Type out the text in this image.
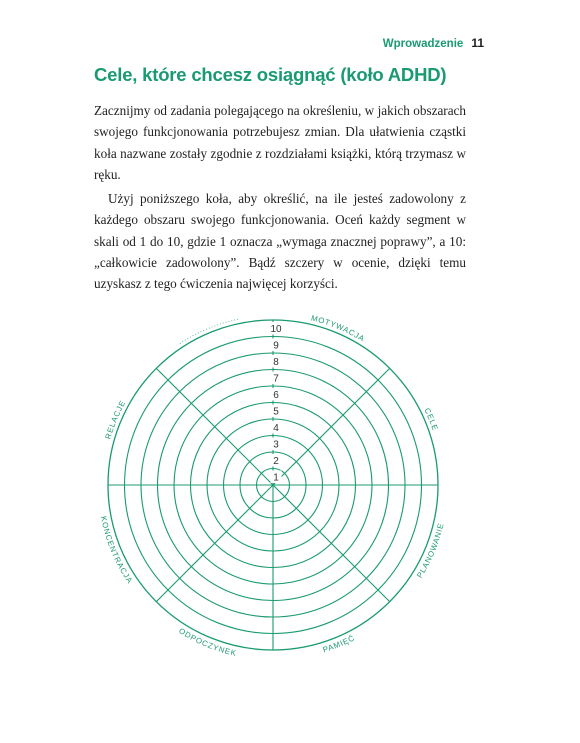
Wprowadzenie 11
Cele, które chcesz osiągnąć (koło ADHD)

Zacznijmy od zadania polegającego na określeniu, w jakich obszarach swojego funkcjonowania potrzebujesz zmian. Dla ułatwienia cząstki koła nazwane zostały zgodnie z rozdziałami książki, którą trzymasz w ręku.

Użyj poniższego koła, aby określić, na ile jesteś zadowolony z każdego obszaru swojego funkcjonowania. Oceń każdy segment w skali od 1 do 10, gdzie 1 oznacza „wymaga znacznej poprawy”, a 10: „całkowicie zadowolony”. Bądź szczery w ocenie, dzięki temu uzyskasz z tego ćwiczenia najwięcej korzyści.

1
2
3
4
5
6
7
8
9
10
MOTYWACJA
CELE
PLANOWANIE
PAMIĘĆ
ODPOCZYNEK
KONCENTRACJA
RELACJE
......................
